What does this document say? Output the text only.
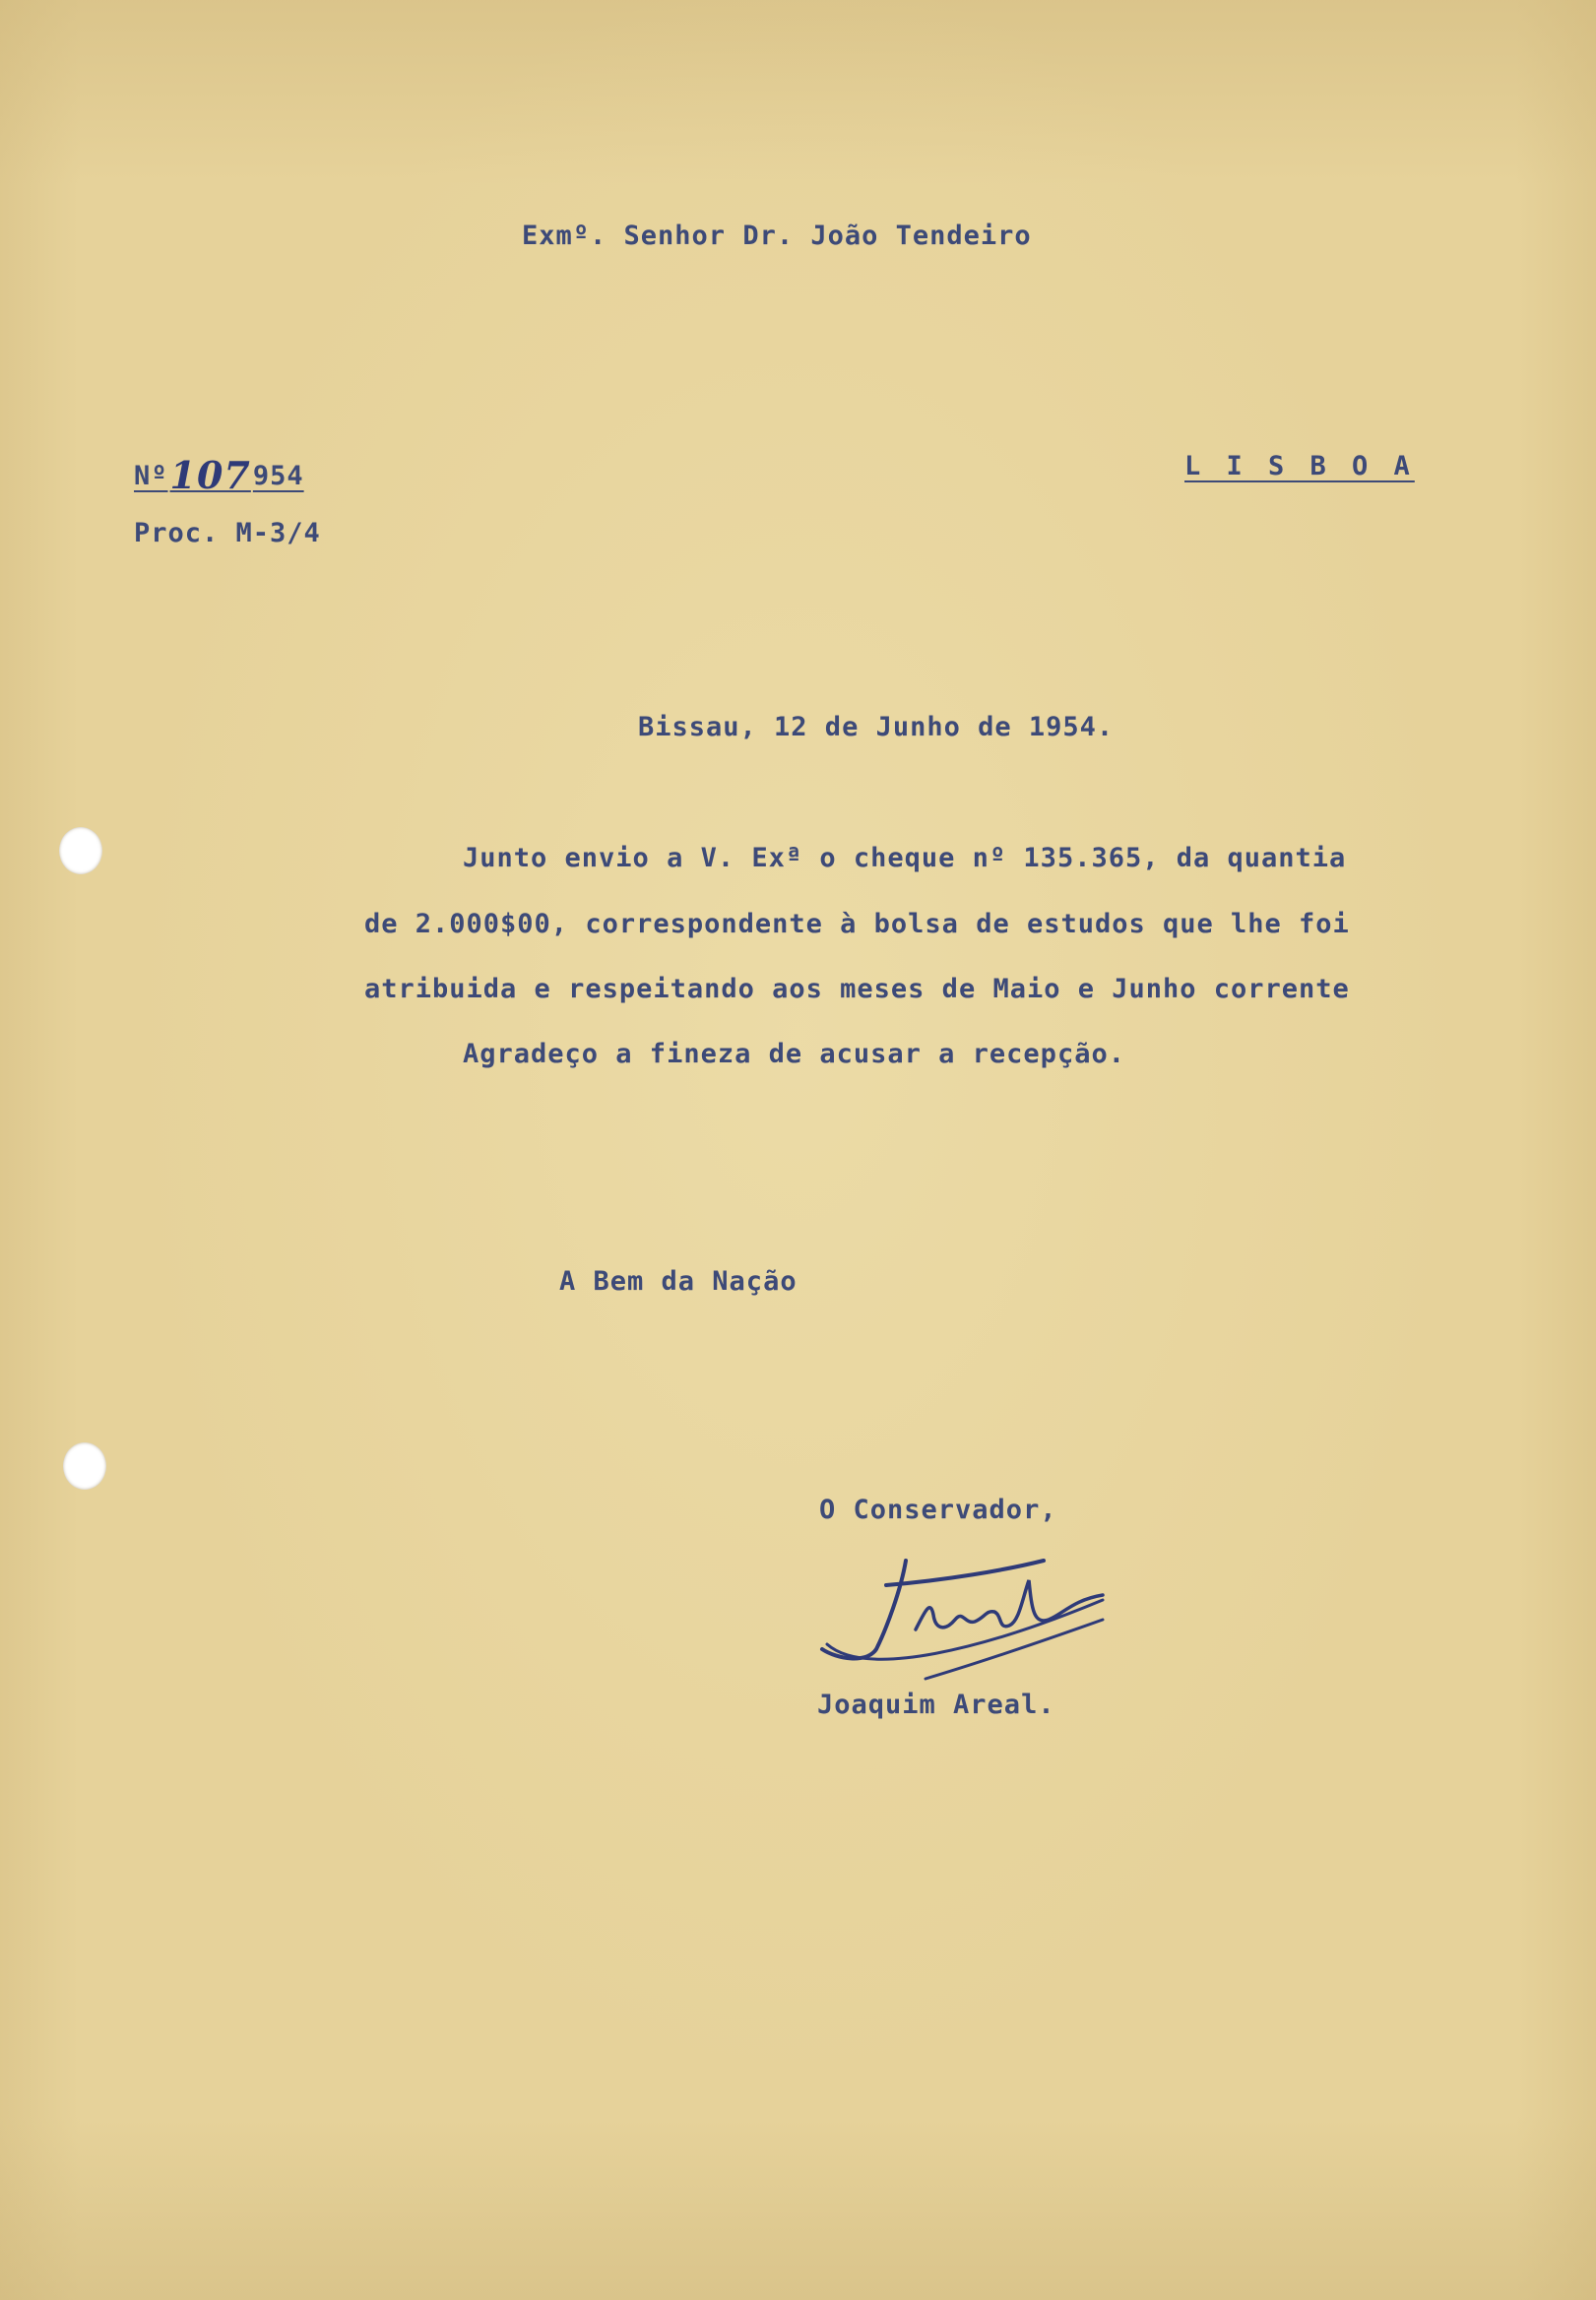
Exmº. Senhor Dr. João Tendeiro
Nº107954
Proc. M-3/4
L I S B O A
Bissau, 12 de Junho de 1954.
Junto envio a V. Exª o cheque nº 135.365, da quantia
de 2.000$00, correspondente à bolsa de estudos que lhe foi
atribuida e respeitando aos meses de Maio e Junho corrente
Agradeço a fineza de acusar a recepção.
A Bem da Nação
O Conservador,
Joaquim Areal.
